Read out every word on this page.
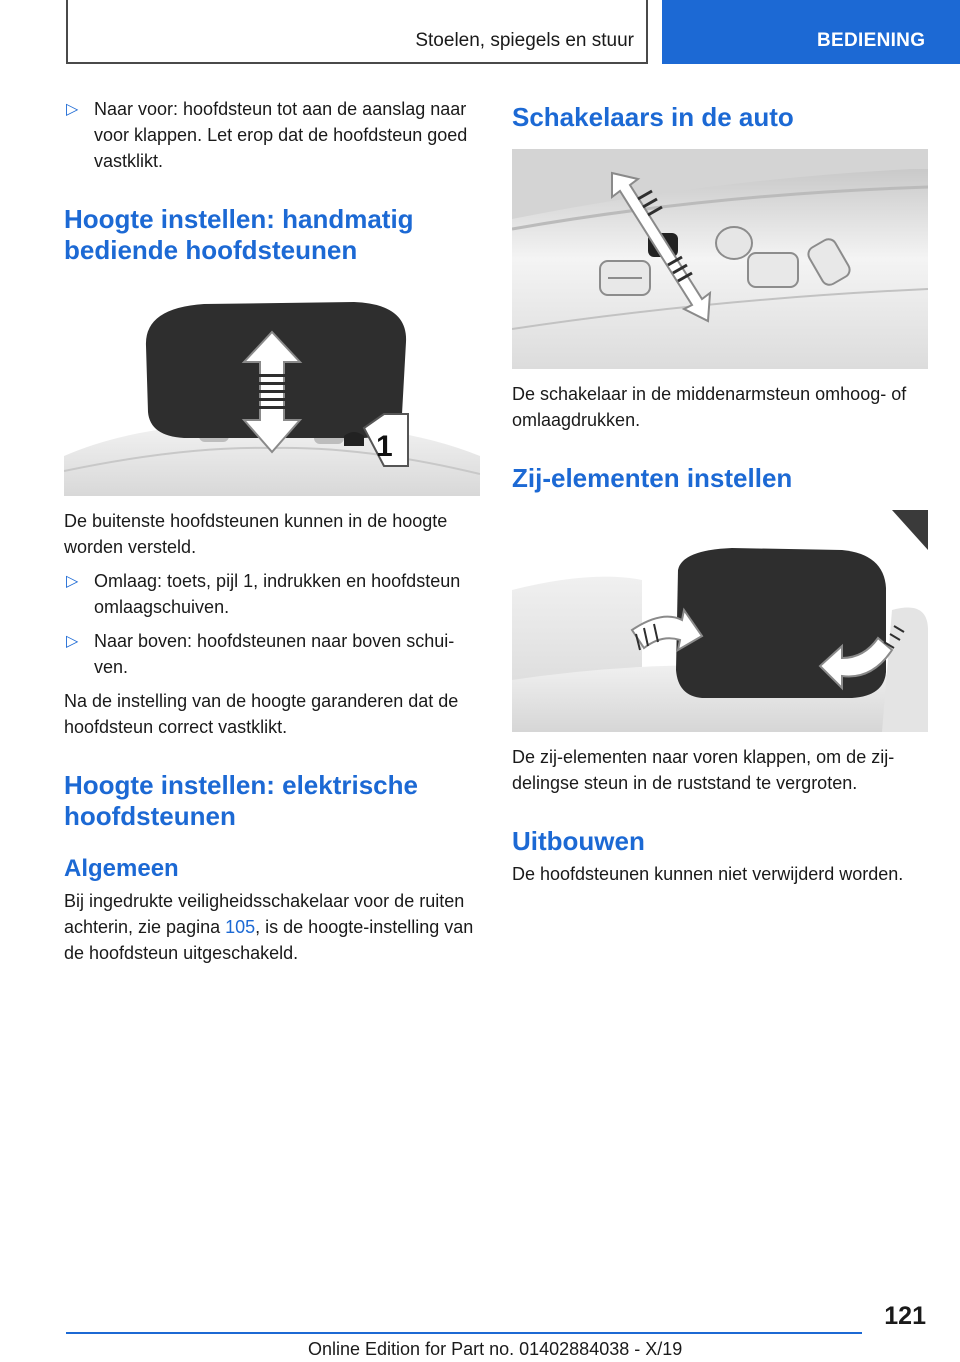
Stoelen, spiegels en stuur	BEDIENING
▷ Naar voor: hoofdsteun tot aan de aanslag naar voor klappen. Let erop dat de hoofdsteun goed vastklikt.
Hoogte instellen: handmatig bediende hoofdsteunen
1

De buitenste hoofdsteunen kunnen in de hoogte worden versteld.

▷ Omlaag: toets, pijl 1, indrukken en hoofdsteun omlaagschuiven.
▷ Naar boven: hoofdsteunen naar boven schuiven.

Na de instelling van de hoogte garanderen dat de hoofdsteun correct vastklikt.

Hoogte instellen: elektrische hoofdsteunen
Algemeen

Bij ingedrukte veiligheidsschakelaar voor de ruiten achterin, zie pagina 105, is de hoogte-instelling van de hoofdsteun uitgeschakeld.

Schakelaars in de auto

De schakelaar in de middenarmsteun omhoog- of omlaagdrukken.

Zij-elementen instellen

De zij-elementen naar voren klappen, om de zijdelingse steun in de ruststand te vergroten.

Uitbouwen

De hoofdsteunen kunnen niet verwijderd worden.

121
Online Edition for Part no. 01402884038 - X/19
